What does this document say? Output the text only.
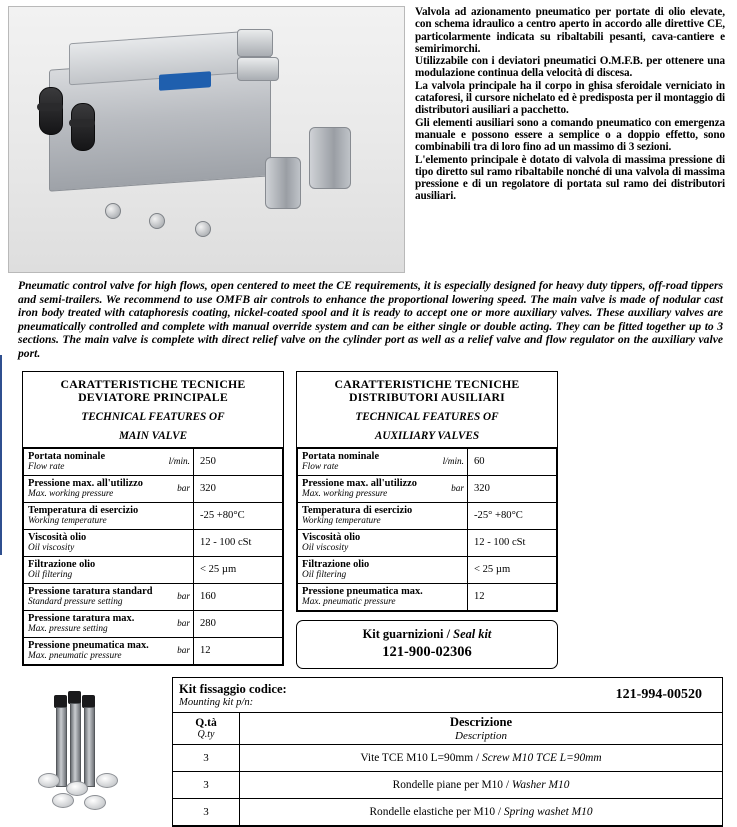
Valvola ad azionamento pneumatico per portate di olio elevate, con schema idraulico a centro aperto in accordo alle direttive CE, particolarmente indicata su ribaltabili pesanti, cava-cantiere e semirimorchi.
Utilizzabile con i deviatori pneumatici O.M.F.B. per ottenere una modulazione continua della velocità di discesa.
La valvola principale ha il corpo in ghisa sferoidale verniciato in cataforesi, il cursore nichelato ed è predisposta per il montaggio di distributori ausiliari a pacchetto.
Gli elementi ausiliari sono a comando pneumatico con emergenza manuale e possono essere a semplice o a doppio effetto, sono combinabili tra di loro fino ad un massimo di 3 sezioni.
L'elemento principale è dotato di valvola di massima pressione di tipo diretto sul ramo ribaltabile nonché di una valvola di massima pressione e di un regolatore di portata sul ramo dei distributori ausiliari.

Pneumatic control valve for high flows, open centered to meet the CE requirements, it is especially designed for heavy duty tippers, off-road tippers and semi-trailers. We recommend to use OMFB air controls to enhance the proportional lowering speed. The main valve is made of nodular cast iron body treated with cataphoresis coating, nickel-coated spool and it is ready to accept one or more auxiliary valves. These auxiliary valves are pneumatically controlled and complete with manual override system and can be either single or double acting. They can be fitted together up to 3 sections. The main valve is complete with direct relief valve on the cylinder port as well as a relief valve and flow regulator on the auxiliary valve port.
CARATTERISTICHE TECNICHE
DEVIATORE PRINCIPALE
TECHNICAL FEATURES OF
MAIN VALVE
Portata nominale
Flow rate	l/min.	250

Pressione max. all'utilizzo
Max. working pressure	bar	320

Temperatura di esercizio
Working temperature		-25 +80°C

Viscosità olio
Oil viscosity		12 - 100 cSt

Filtrazione olio
Oil filtering		< 25 µm

Pressione taratura standard
Standard pressure setting	bar	160

Pressione taratura max.
Max. pressure setting	bar	280

Pressione pneumatica max.
Max. pneumatic pressure	bar	12
CARATTERISTICHE TECNICHE
DISTRIBUTORI AUSILIARI
TECHNICAL FEATURES OF
AUXILIARY VALVES
Portata nominale
Flow rate	l/min.	60

Pressione max. all'utilizzo
Max. working pressure	bar	320

Temperatura di esercizio
Working temperature		-25° +80°C

Viscosità olio
Oil viscosity		12 - 100 cSt

Filtrazione olio
Oil filtering		< 25 µm

Pressione pneumatica max.
Max. pneumatic pressure		12
Kit guarnizioni / Seal kit
121-900-02306
Kit fissaggio codice:
Mounting kit p/n:
121-994-00520
Q.tà
Q.ty

Descrizione
Description

3	Vite TCE M10 L=90mm / Screw M10 TCE L=90mm
3	Rondelle piane per M10 / Washer M10
3	Rondelle elastiche per M10 / Spring washet M10
